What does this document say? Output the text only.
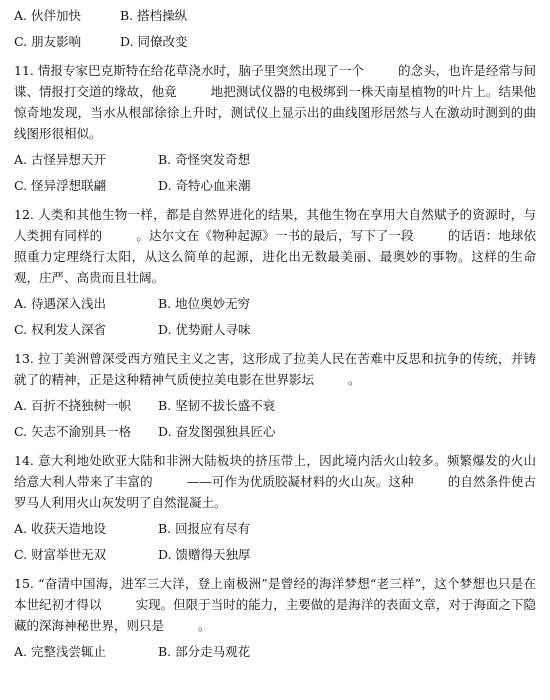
A. 伙伴加快	B. 搭档操纵
C. 朋友影响	D. 同僚改变

11. 情报专家巴克斯特在给花草浇水时，脑子里突然出现了一个	的念头，也许是经常与间谍、情报打交道的缘故，他竟	地把测试仪器的电极绑到一株天南星植物的叶片上。结果他惊奇地发现，当水从根部徐徐上升时，测试仪上显示出的曲线图形居然与人在激动时测到的曲线图形很相似。

A. 古怪异想天开	B. 奇怪突发奇想
C. 怪异浮想联翩	D. 奇特心血来潮

12. 人类和其他生物一样，都是自然界进化的结果，其他生物在享用大自然赋予的资源时，与人类拥有同样的	。达尔文在《物种起源》一书的最后，写下了一段	的话语：地球依照重力定理绕行太阳，从这么简单的起源，进化出无数最美丽、最奥妙的事物。这样的生命观，庄严、高贵而且壮阔。

A. 待遇深入浅出	B. 地位奥妙无穷
C. 权利发人深省	D. 优势耐人寻味

13. 拉丁美洲曾深受西方殖民主义之害，这形成了拉美人民在苦难中反思和抗争的传统，并铸就了的精神，正是这种精神气质使拉美电影在世界影坛	。

A. 百折不挠独树一帜	B. 坚韧不拔长盛不衰
C. 矢志不渝别具一格	D. 奋发图强独具匠心

14. 意大利地处欧亚大陆和非洲大陆板块的挤压带上，因此境内活火山较多。频繁爆发的火山给意大利人带来了丰富的	——可作为优质胶凝材料的火山灰。这种	的自然条件使古罗马人利用火山灰发明了自然混凝土。

A. 收获天造地设	B. 回报应有尽有
C. 财富举世无双	D. 馈赠得天独厚

15. “奋清中国海，进军三大洋，登上南极洲”是曾经的海洋梦想“老三样”，这个梦想也只是在本世纪初才得以	实现。但限于当时的能力，主要做的是海洋的表面文章，对于海面之下隐藏的深海神秘世界，则只是	。

A. 完整浅尝辄止	B. 部分走马观花
